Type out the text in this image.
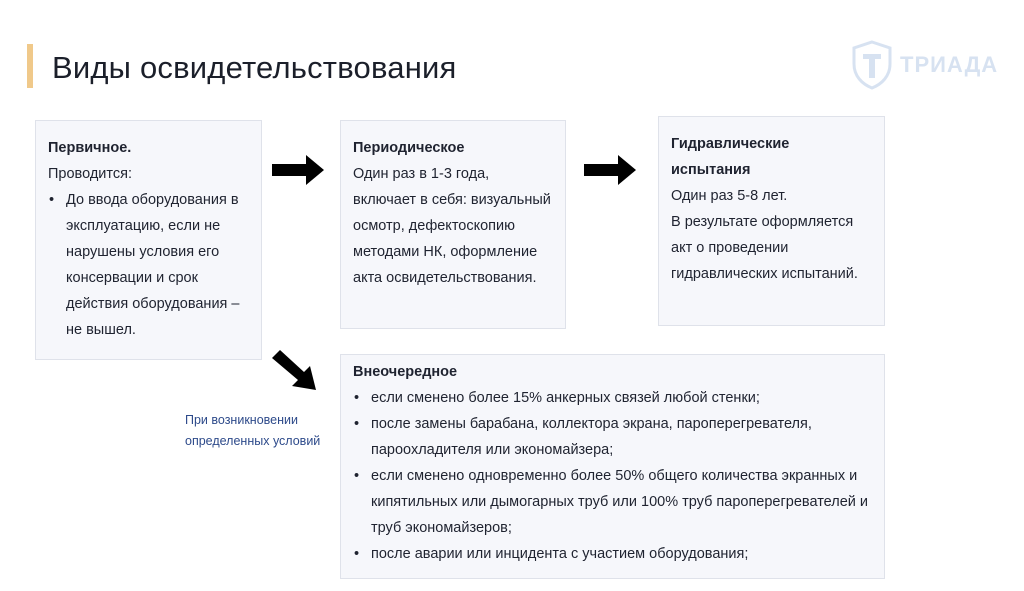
Виды освидетельствования	ТРИАДА
Первичное.
Проводится:
• До ввода оборудования в эксплуатацию, если не нарушены условия его консервации и срок действия оборудования – не вышел.
Периодическое
Один раз в 1-3 года, включает в себя: визуальный осмотр, дефектоскопию методами НК, оформление акта освидетельствования.
Гидравлические испытания
Один раз 5-8 лет.
В результате оформляется акт о проведении гидравлических испытаний.
При возникновении определенных условий
Внеочередное
• если сменено более 15% анкерных связей любой стенки;
• после замены барабана, коллектора экрана, пароперегревателя, пароохладителя или экономайзера;
• если сменено одновременно более 50% общего количества экранных и кипятильных или дымогарных труб или 100% труб пароперегревателей и труб экономайзеров;
• после аварии или инцидента с участием оборудования;
